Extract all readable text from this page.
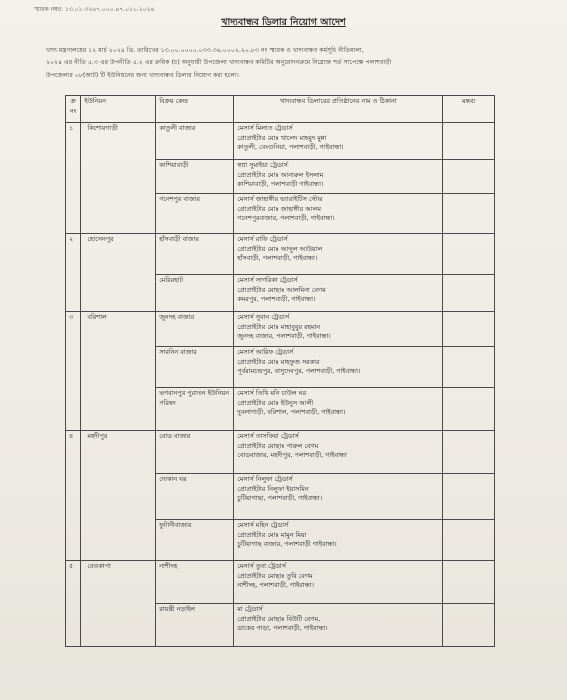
স্মারক নম্বর: ১৩.০১.৩২৬৭.০০০.৪৭.০১০.২০২৪
খাদ্যবান্ধব ডিলার নিয়োগ আদেশ
খাদ্য মন্ত্রণালয়ের ১২ মার্চ ২০২৪ খ্রি. তারিখের ১৩.০০.০০০০.০৩৩.৩৬.০০০২.২০.৮৩ নং স্মারক ও খাদ্যবান্ধব কর্মসূচি নীতিমালা,
২০২৪ এর নীতি ৫.৩ এর উপনীতি ৫.২ এর ক্রমিক (চ) অনুযায়ী উপজেলা খাদ্যবান্ধব কমিটির অনুমোদনক্রমে নিম্নোক্ত শর্ত সাপেক্ষে পলাশবাড়ী
উপজেলার ০৮(আট) টি ইউনিয়নের জন্য খাদ্যবান্ধব ডিলার নিয়োগ করা হলো।
ক্র নং	ইউনিয়ন	বিক্রয় কেন্দ্র	খাদ্যবান্ধব ডিলারের প্রতিষ্ঠানের নাম ও ঠিকানা	মন্তব্য
১	কিশোরগাড়ী	কাতুলী বাজার	মেসার্স মিলাত ট্রেডার্স
প্রোপ্রাইটার মোঃ খালেদ মাহমুদ মুন্না
কাতুলী, বেংগুনিয়া, পলাশবাড়ী, গাইবান্ধা।	

		কাশিয়াবাড়ী	স্বপ্না সুমাইয়া ট্রেডার্স
প্রোপ্রাইটার মোঃ আনারুল ইসলাম
কাশিয়াবাড়ী, পলাশবাড়ী গাইবান্ধা।	

		গনেশপুর বাজার	মেসার্স জাহাঙ্গীর ভ্যারাইটিস স্টোর
প্রোপ্রাইটার মোঃ জাহাঙ্গীর আলম
গনেশপুরবাজার, পলাশবাড়ী, গাইবান্ধা।	

২	হোসেনপুর	হাঁসবাড়ী বাজার	মেসার্স রাফি ট্রেডার্স
প্রোপ্রাইটার মোঃ আব্দুল আউয়াল
হাঁসবাড়ী, পলাশবাড়ী, গাইবান্ধা।	

		মেরিরহাট	মেসার্স সাগরিকা ট্রেডার্স
প্রোপ্রাইটার মোছাঃ আলমিনা বেগম
কমরপুর, পলাশবাড়ী, গাইবান্ধা।	

৩	বরিশাল	জুনদহ বাজার	মেসার্স সুবান ট্রেডার্স
প্রোপ্রাইটার মোঃ মাহাবুবুর রহমান
জুনদহ বাজার, পলাশবাড়ী, গাইবান্ধা।	

		সাবনিন বাজার	মেসার্স আরিফ ট্রেডার্স
প্রোপ্রাইটার মোঃ মাহফুজ সরকার
পূর্বরামচন্দ্রপুর, বাসুদেবপুর, পলাশবাড়ী, গাইবান্ধা।	

		ভগবানপুর পুরাতন ইউনিয়ন পরিষদ	মেসার্স তিথি মনি চাউল ঘর
প্রোপ্রাইটার মোঃ ইউনুস আলী
দুবলাগাড়ী, বরিশাল, পলাশবাড়ী, গাইবান্ধা।	

৪	মহদীপুর	বোড বাজার	মেসার্স তাসফিয়া ট্রেডার্স
প্রোপ্রাইটার মোছাঃ পারুল বেগম
বোডবাজার, মহদীপুর, পলাশবাড়ী, গাইবান্ধা	

		দোকান ঘর	মেসার্স নিলুফা ট্রেডার্স
প্রোপ্রাইটার নিলুফা ইয়াসমিন
চুটিয়াগাছা, পলাশবাড়ী, গাইবান্ধা।	

		ফুটানীবাজার	মেসার্স মহিন ট্রেডার্স
প্রোপ্রাইটার মোঃ মামুন মিয়া
চুটিয়াগাছ বাজার, পলাশবাড়ী গাইবান্ধা।	

৫	বেতকাপা	নাশীদহ	মেসার্স তুবা ট্রেডার্স
প্রোপ্রাইটার মোছাঃ তুবি বেগম
নাশীদহ, পলাশবাড়ী, গাইবান্ধা।	

		রায়ন্ত্রী নড়াইল	মা ট্রেডার্স
প্রোপ্রাইটার মোছাঃ বিউটি বেগম,
ডাকের পাড়া, পলাশবাড়ী, গাইবান্ধা।	
